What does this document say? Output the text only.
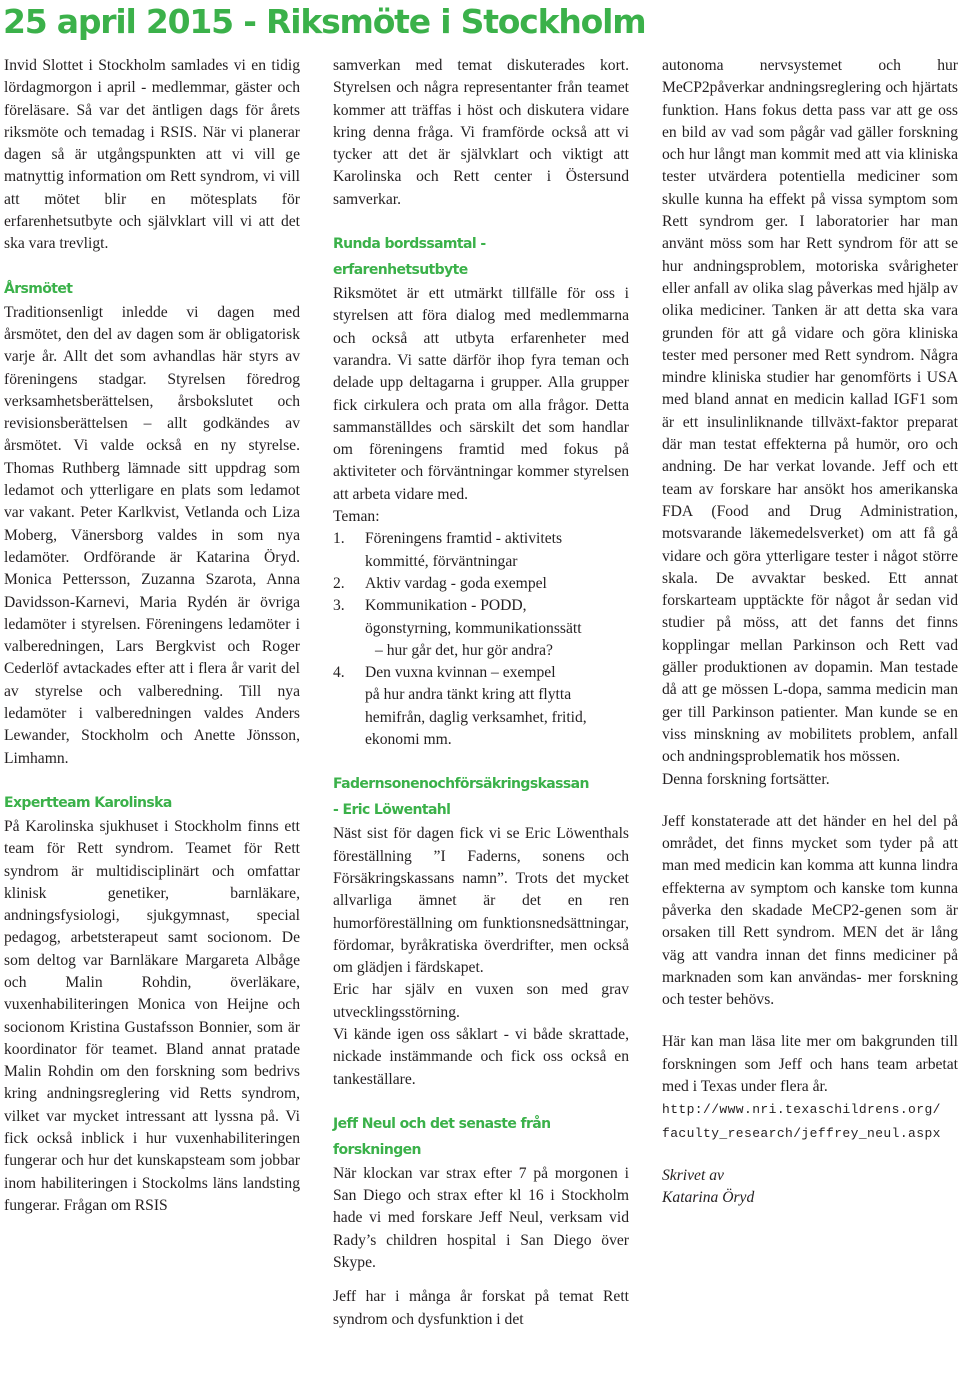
25 april 2015 - Riksmöte i Stockholm

Invid Slottet i Stockholm samlades vi en tidig lördagmorgon i april - medlemmar, gäster och föreläsare. Så var det äntligen dags för årets riksmöte och temadag i RSIS. När vi planerar dagen så är utgångspunkten att vi vill ge matnyttig information om Rett syndrom, vi vill att mötet blir en mötesplats för erfarenhetsutbyte och självklart vill vi att det ska vara trevligt.

Årsmötet

Traditionsenligt inledde vi dagen med årsmötet, den del av dagen som är obligatorisk varje år. Allt det som avhandlas här styrs av föreningens stadgar. Styrelsen föredrog verksamhetsberättelsen, årsbokslutet och revisionsberättelsen – allt godkändes av årsmötet. Vi valde också en ny styrelse. Thomas Ruthberg lämnade sitt uppdrag som ledamot och ytterligare en plats som ledamot var vakant. Peter Karlkvist, Vetlanda och Liza Moberg, Vänersborg valdes in som nya ledamöter. Ordförande är Katarina Öryd. Monica Pettersson, Zuzanna Szarota, Anna Davidsson-Karnevi, Maria Rydén är övriga ledamöter i styrelsen. Föreningens ledamöter i valberedningen, Lars Bergkvist och Roger Cederlöf avtackades efter att i flera år varit del av styrelse och valberedning. Till nya ledamöter i valberedningen valdes Anders Lewander, Stockholm och Anette Jönsson, Limhamn.

Expertteam Karolinska

På Karolinska sjukhuset i Stockholm finns ett team för Rett syndrom. Teamet för Rett syndrom är multidisciplinärt och omfattar klinisk genetiker, barnläkare, andningsfysiologi, sjukgymnast, special pedagog, arbetsterapeut samt socionom. De som deltog var Barnläkare Margareta Albåge och Malin Rohdin, överläkare, vuxenhabiliteringen Monica von Heijne och socionom Kristina Gustafsson Bonnier, som är koordinator för teamet. Bland annat pratade Malin Rohdin om den forskning som bedrivs kring andningsreglering vid Retts syndrom, vilket var mycket intressant att lyssna på. Vi fick också inblick i hur vuxenhabiliteringen fungerar och hur det kunskapsteam som jobbar inom habiliteringen i Stockolms läns landsting fungerar. Frågan om RSIS

samverkan med temat diskuterades kort. Styrelsen och några representanter från teamet kommer att träffas i höst och diskutera vidare kring denna fråga. Vi framförde också att vi tycker att det är självklart och viktigt att Karolinska och Rett center i Östersund samverkar.

Runda bordssamtal -
erfarenhetsutbyte

Riksmötet är ett utmärkt tillfälle för oss i styrelsen att föra dialog med medlemmarna och också att utbyta erfarenheter med varandra. Vi satte därför ihop fyra teman och delade upp deltagarna i grupper. Alla grupper fick cirkulera och prata om alla frågor. Detta sammanställdes och särskilt det som handlar om föreningens framtid med fokus på aktiviteter och förväntningar kommer styrelsen att arbeta vidare med.

Teman:

1. Föreningens framtid - aktivitets
kommitté, förväntningar
2. Aktiv vardag - goda exempel
3. Kommunikation - PODD,
ögonstyrning, kommunikationssätt
– hur går det, hur gör andra?
4. Den vuxna kvinnan – exempel
på hur andra tänkt kring att flytta
hemifrån, daglig verksamhet, fritid,
ekonomi mm.
Fadernsonenochförsäkringskassan
- Eric Löwentahl

Näst sist för dagen fick vi se Eric Löwenthals föreställning ”I Faderns, sonens och Försäkringskassans namn”. Trots det mycket allvarliga ämnet är det en ren humorföreställning om funktionsnedsättningar, fördomar, byråkratiska överdrifter, men också om glädjen i färdskapet.

Eric har själv en vuxen son med grav utvecklingsstörning.

Vi kände igen oss såklart - vi både skrattade, nickade instämmande och fick oss också en tankeställare.

Jeff Neul och det senaste från
forskningen

När klockan var strax efter 7 på morgonen i San Diego och strax efter kl 16 i Stockholm hade vi med forskare Jeff Neul, verksam vid Rady’s children hospital i San Diego över Skype.

Jeff har i många år forskat på temat Rett syndrom och dysfunktion i det

autonoma nervsystemet och hur MeCP2påverkar andningsreglering och hjärtats funktion. Hans fokus detta pass var att ge oss en bild av vad som pågår vad gäller forskning och hur långt man kommit med att via kliniska tester utvärdera potentiella mediciner som skulle kunna ha effekt på vissa symptom som Rett syndrom ger. I laboratorier har man använt möss som har Rett syndrom för att se hur andningsproblem, motoriska svårigheter eller anfall av olika slag påverkas med hjälp av olika mediciner. Tanken är att detta ska vara grunden för att gå vidare och göra kliniska tester med personer med Rett syndrom. Några mindre kliniska studier har genomförts i USA med bland annat en medicin kallad IGF1 som är ett insulinliknande tillväxt-faktor preparat där man testat effekterna på humör, oro och andning. De har verkat lovande. Jeff och ett team av forskare har ansökt hos amerikanska FDA (Food and Drug Administration, motsvarande läkemedelsverket) om att få gå vidare och göra ytterligare tester i något större skala. De avvaktar besked. Ett annat forskarteam upptäckte för något år sedan vid studier på möss, att det fanns det finns kopplingar mellan Parkinson och Rett vad gäller produktionen av dopamin. Man testade då att ge mössen L-dopa, samma medicin man ger till Parkinson patienter. Man kunde se en viss minskning av mobilitets problem, anfall och andningsproblematik hos mössen.

Denna forskning fortsätter.

Jeff konstaterade att det händer en hel del på området, det finns mycket som tyder på att man med medicin kan komma att kunna lindra effekterna av symptom och kanske tom kunna påverka den skadade MeCP2-genen som är orsaken till Rett syndrom. MEN det är lång väg att vandra innan det finns mediciner på marknaden som kan användas- mer forskning och tester behövs.

Här kan man läsa lite mer om bakgrunden till forskningen som Jeff och hans team arbetat med i Texas under flera år.

http://www.nri.texaschildrens.org/
faculty_research/jeffrey_neul.aspx

Skrivet av
Katarina Öryd
